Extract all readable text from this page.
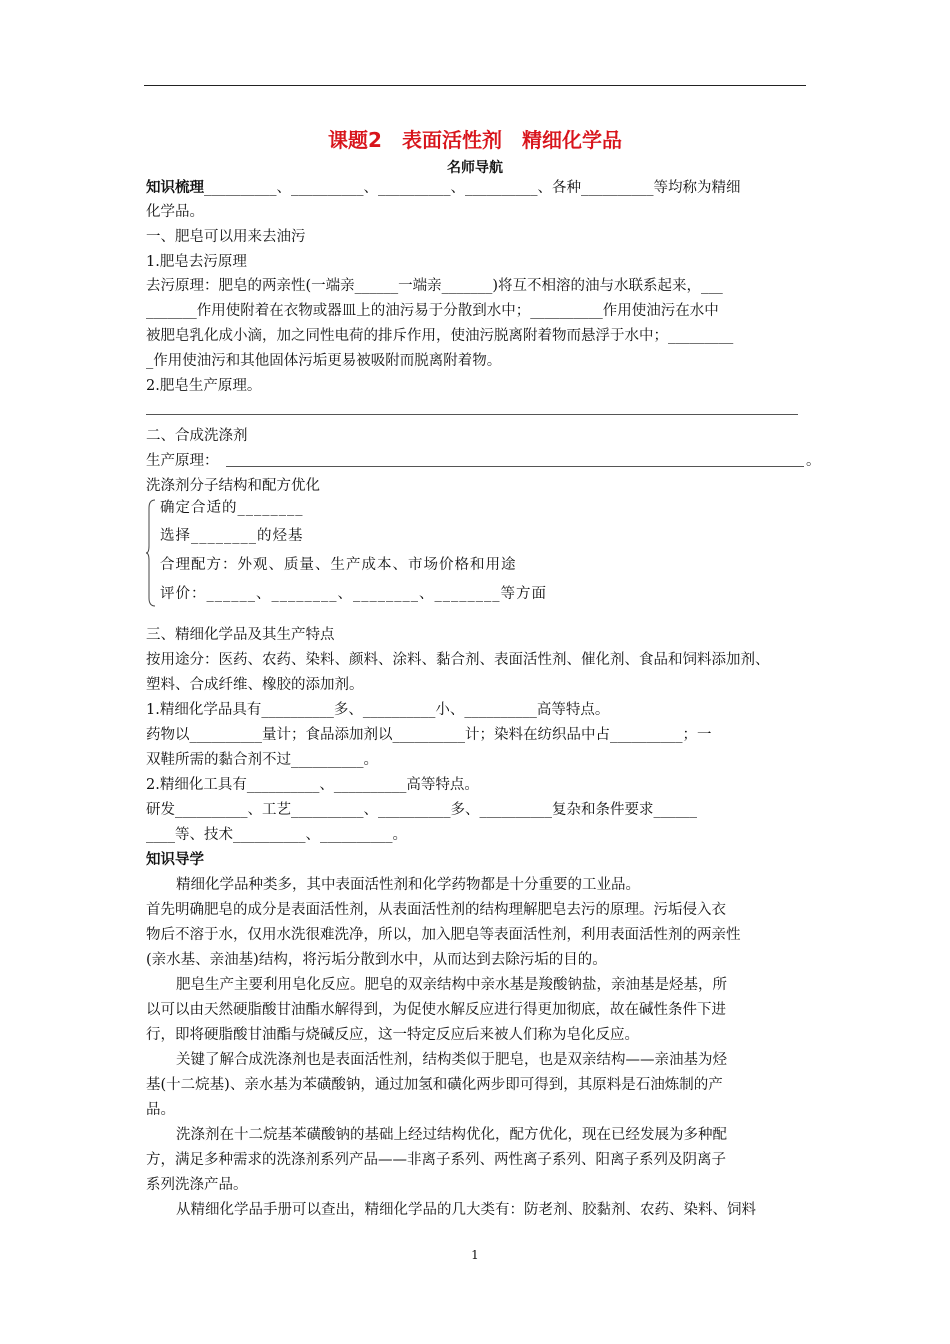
课题2　表面活性剂　精细化学品
名师导航
知识梳理__________、__________、__________、__________、各种__________等均称为精细
化学品。
一、肥皂可以用来去油污
1.肥皂去污原理
去污原理：肥皂的两亲性(一端亲______一端亲_______)将互不相溶的油与水联系起来，___
_______作用使附着在衣物或器皿上的油污易于分散到水中；__________作用使油污在水中
被肥皂乳化成小滴，加之同性电荷的排斥作用，使油污脱离附着物而悬浮于水中；_________
_作用使油污和其他固体污垢更易被吸附而脱离附着物。
2.肥皂生产原理。
二、合成洗涤剂
生产原理：	。
洗涤剂分子结构和配方优化
确定合适的________
选择________的烃基
合理配方：外观、质量、生产成本、市场价格和用途
评价：______、________、________、________等方面
三、精细化学品及其生产特点
按用途分：医药、农药、染料、颜料、涂料、黏合剂、表面活性剂、催化剂、食品和饲料添加剂、
塑料、合成纤维、橡胶的添加剂。
1.精细化学品具有__________多、__________小、__________高等特点。
药物以__________量计；食品添加剂以__________计；染料在纺织品中占__________；一
双鞋所需的黏合剂不过__________。
2.精细化工具有__________、__________高等特点。
研发__________、工艺__________、__________多、__________复杂和条件要求______
____等、技术__________、__________。
知识导学
精细化学品种类多，其中表面活性剂和化学药物都是十分重要的工业品。
首先明确肥皂的成分是表面活性剂，从表面活性剂的结构理解肥皂去污的原理。污垢侵入衣
物后不溶于水，仅用水洗很难洗净，所以，加入肥皂等表面活性剂，利用表面活性剂的两亲性
(亲水基、亲油基)结构，将污垢分散到水中，从而达到去除污垢的目的。
肥皂生产主要利用皂化反应。肥皂的双亲结构中亲水基是羧酸钠盐，亲油基是烃基，所
以可以由天然硬脂酸甘油酯水解得到，为促使水解反应进行得更加彻底，故在碱性条件下进
行，即将硬脂酸甘油酯与烧碱反应，这一特定反应后来被人们称为皂化反应。
关键了解合成洗涤剂也是表面活性剂，结构类似于肥皂，也是双亲结构——亲油基为烃
基(十二烷基)、亲水基为苯磺酸钠，通过加氢和磺化两步即可得到，其原料是石油炼制的产
品。
洗涤剂在十二烷基苯磺酸钠的基础上经过结构优化，配方优化，现在已经发展为多种配
方，满足多种需求的洗涤剂系列产品——非离子系列、两性离子系列、阳离子系列及阴离子
系列洗涤产品。
从精细化学品手册可以查出，精细化学品的几大类有：防老剂、胶黏剂、农药、染料、饲料
1
